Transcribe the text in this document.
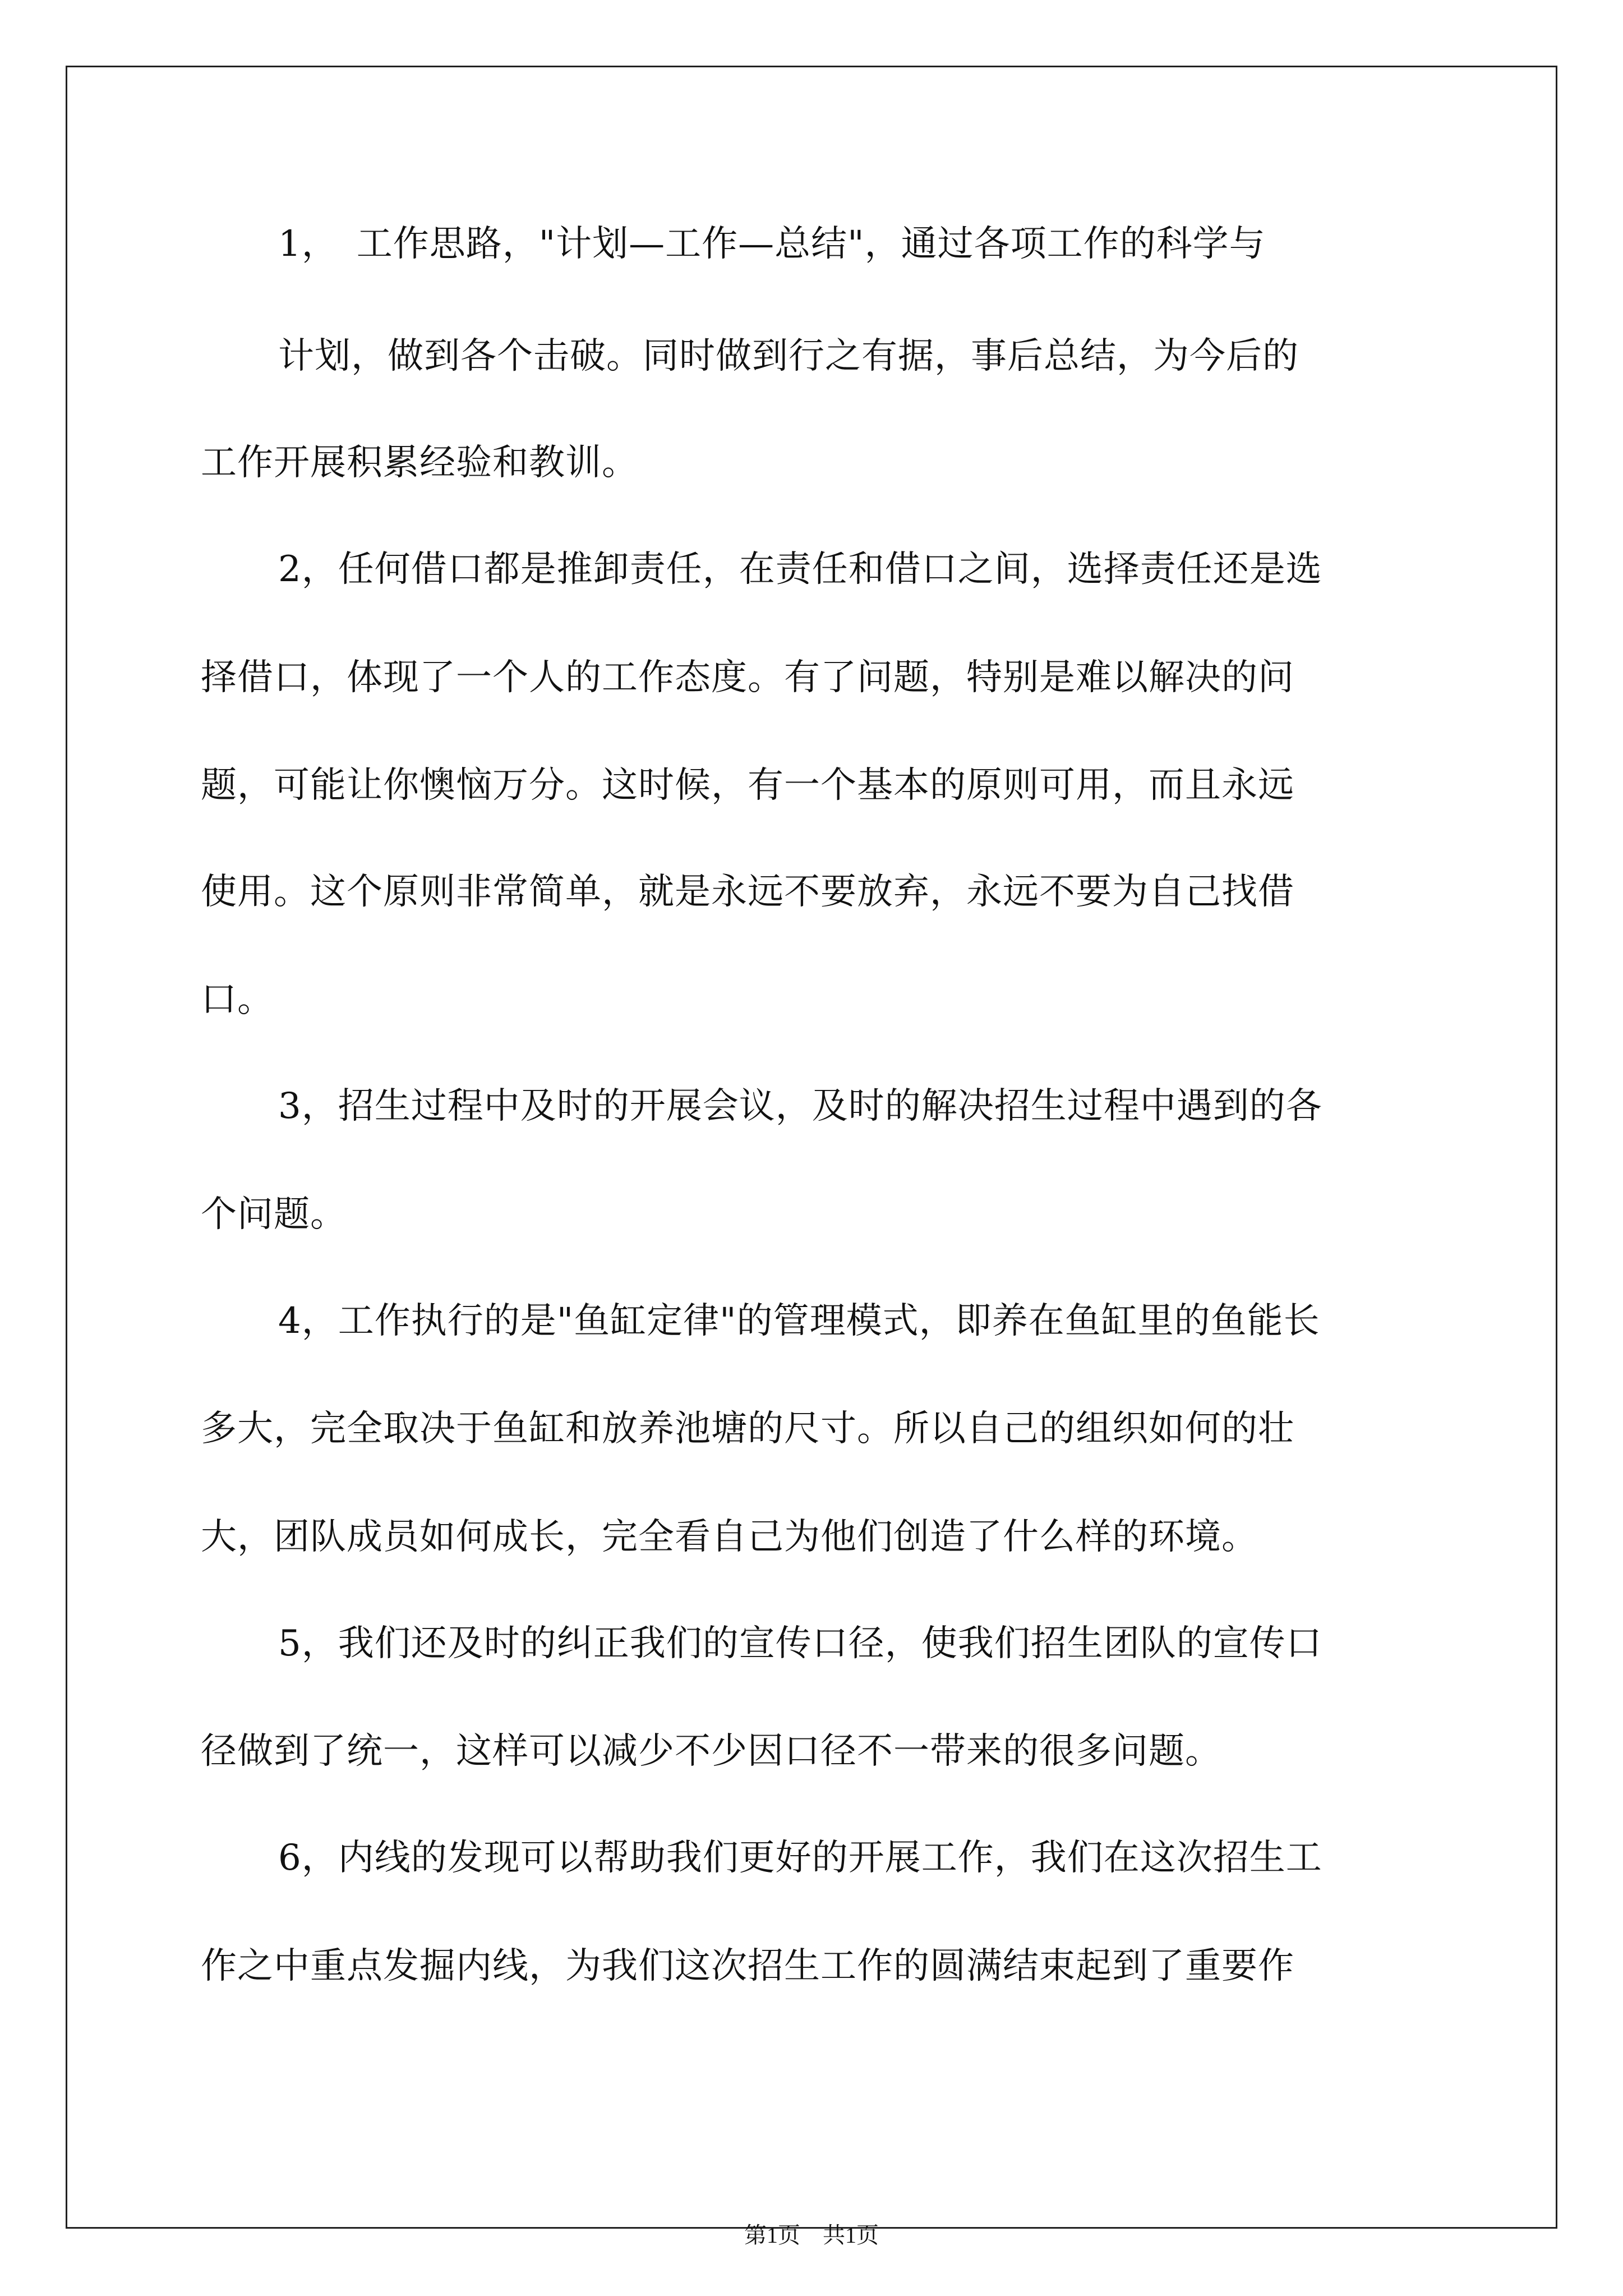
1，　工作思路，"计划—工作—总结"，通过各项工作的科学与
计划，做到各个击破。同时做到行之有据，事后总结，为今后的
工作开展积累经验和教训。
2，任何借口都是推卸责任，在责任和借口之间，选择责任还是选
择借口，体现了一个人的工作态度。有了问题，特别是难以解决的问
题，可能让你懊恼万分。这时候，有一个基本的原则可用，而且永远
使用。这个原则非常简单，就是永远不要放弃，永远不要为自己找借
口。
3，招生过程中及时的开展会议，及时的解决招生过程中遇到的各
个问题。
4，工作执行的是"鱼缸定律"的管理模式，即养在鱼缸里的鱼能长
多大，完全取决于鱼缸和放养池塘的尺寸。所以自己的组织如何的壮
大，团队成员如何成长，完全看自己为他们创造了什么样的环境。
5，我们还及时的纠正我们的宣传口径，使我们招生团队的宣传口
径做到了统一，这样可以减少不少因口径不一带来的很多问题。
6，内线的发现可以帮助我们更好的开展工作，我们在这次招生工
作之中重点发掘内线，为我们这次招生工作的圆满结束起到了重要作
第1页　共1页
